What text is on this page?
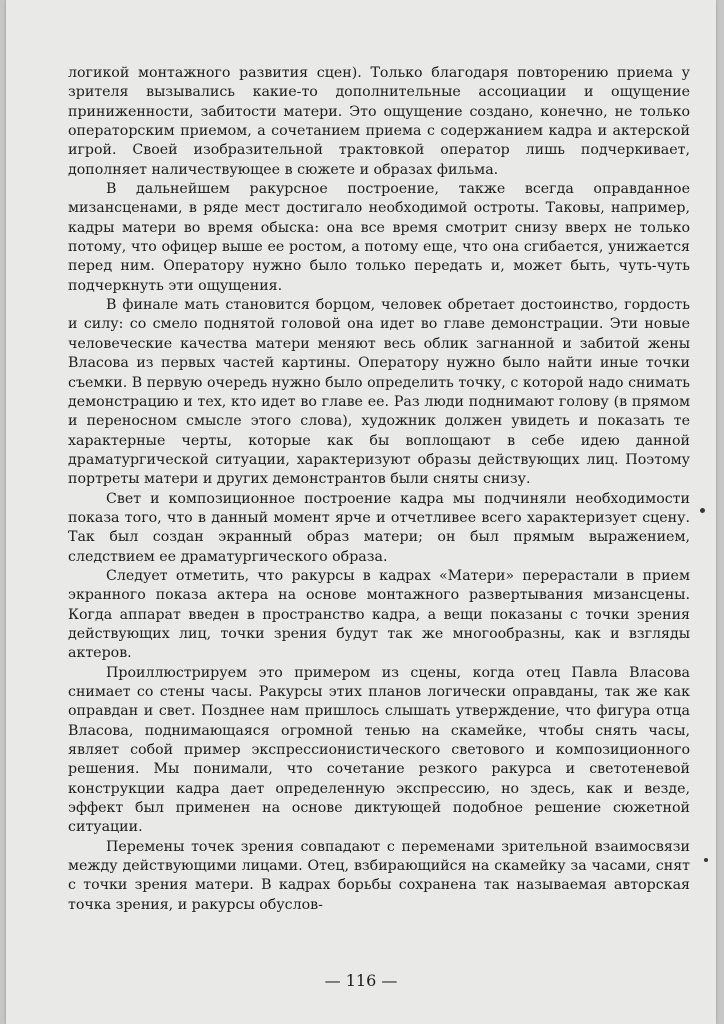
логикой монтажного развития сцен). Только благодаря повторению приема у зрителя вызывались какие-то дополнительные ассоциации и ощущение приниженности, забитости матери. Это ощущение создано, конечно, не только операторским приемом, а сочетанием приема с содержанием кадра и актерской игрой. Своей изобразительной трактовкой оператор лишь подчеркивает, дополняет наличествующее в сюжете и образах фильма.

В дальнейшем ракурсное построение, также всегда оправданное мизансценами, в ряде мест достигало необходимой остроты. Таковы, например, кадры матери во время обыска: она все время смотрит снизу вверх не только потому, что офицер выше ее ростом, а потому еще, что она сгибается, унижается перед ним. Оператору нужно было только передать и, может быть, чуть-чуть подчеркнуть эти ощущения.

В финале мать становится борцом, человек обретает достоинство, гордость и силу: со смело поднятой головой она идет во главе демонстрации. Эти новые человеческие качества матери меняют весь облик загнанной и забитой жены Власова из первых частей картины. Оператору нужно было найти иные точки съемки. В первую очередь нужно было определить точку, с которой надо снимать демонстрацию и тех, кто идет во главе ее. Раз люди поднимают голову (в прямом и переносном смысле этого слова), художник должен увидеть и показать те характерные черты, которые как бы воплощают в себе идею данной драматургической ситуации, характеризуют образы действующих лиц. Поэтому портреты матери и других демонстрантов были сняты снизу.

Свет и композиционное построение кадра мы подчиняли необходимости показа того, что в данный момент ярче и отчетливее всего характеризует сцену. Так был создан экранный образ матери; он был прямым выражением, следствием ее драматургического образа.

Следует отметить, что ракурсы в кадрах «Матери» перерастали в прием экранного показа актера на основе монтажного развертывания мизансцены. Когда аппарат введен в пространство кадра, а вещи показаны с точки зрения действующих лиц, точки зрения будут так же многообразны, как и взгляды актеров.

Проиллюстрируем это примером из сцены, когда отец Павла Власова снимает со стены часы. Ракурсы этих планов логически оправданы, так же как оправдан и свет. Позднее нам пришлось слышать утверждение, что фигура отца Власова, поднимающаяся огромной тенью на скамейке, чтобы снять часы, являет собой пример экспрессионистического светового и композиционного решения. Мы понимали, что сочетание резкого ракурса и светотеневой конструкции кадра дает определенную экспрессию, но здесь, как и везде, эффект был применен на основе диктующей подобное решение сюжетной ситуации.

Перемены точек зрения совпадают с переменами зрительной взаимосвязи между действующими лицами. Отец, взбирающийся на скамейку за часами, снят с точки зрения матери. В кадрах борьбы сохранена так называемая авторская точка зрения, и ракурсы обуслов-

— 116 —
